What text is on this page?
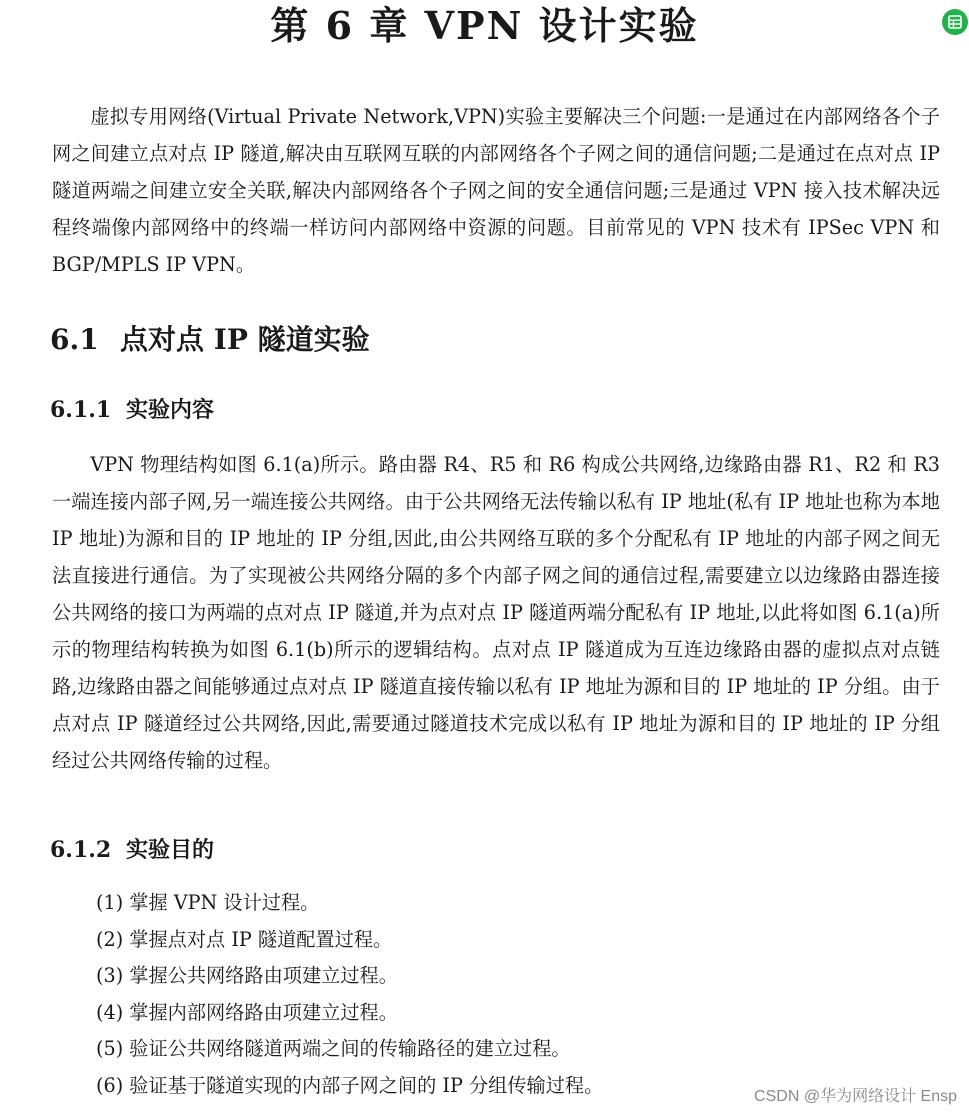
第 6 章 VPN 设计实验

虚拟专用网络(Virtual Private Network,VPN)实验主要解决三个问题:一是通过在内部网络各个子网之间建立点对点 IP 隧道,解决由互联网互联的内部网络各个子网之间的通信问题;二是通过在点对点 IP 隧道两端之间建立安全关联,解决内部网络各个子网之间的安全通信问题;三是通过 VPN 接入技术解决远程终端像内部网络中的终端一样访问内部网络中资源的问题。目前常见的 VPN 技术有 IPSec VPN 和 BGP/MPLS IP VPN。

6.1 点对点 IP 隧道实验
6.1.1 实验内容

VPN 物理结构如图 6.1(a)所示。路由器 R4、R5 和 R6 构成公共网络,边缘路由器 R1、R2 和 R3 一端连接内部子网,另一端连接公共网络。由于公共网络无法传输以私有 IP 地址(私有 IP 地址也称为本地 IP 地址)为源和目的 IP 地址的 IP 分组,因此,由公共网络互联的多个分配私有 IP 地址的内部子网之间无法直接进行通信。为了实现被公共网络分隔的多个内部子网之间的通信过程,需要建立以边缘路由器连接公共网络的接口为两端的点对点 IP 隧道,并为点对点 IP 隧道两端分配私有 IP 地址,以此将如图 6.1(a)所示的物理结构转换为如图 6.1(b)所示的逻辑结构。点对点 IP 隧道成为互连边缘路由器的虚拟点对点链路,边缘路由器之间能够通过点对点 IP 隧道直接传输以私有 IP 地址为源和目的 IP 地址的 IP 分组。由于点对点 IP 隧道经过公共网络,因此,需要通过隧道技术完成以私有 IP 地址为源和目的 IP 地址的 IP 分组经过公共网络传输的过程。

6.1.2 实验目的
(1) 掌握 VPN 设计过程。
(2) 掌握点对点 IP 隧道配置过程。
(3) 掌握公共网络路由项建立过程。
(4) 掌握内部网络路由项建立过程。
(5) 验证公共网络隧道两端之间的传输路径的建立过程。
(6) 验证基于隧道实现的内部子网之间的 IP 分组传输过程。	CSDN @华为网络设计 Ensp
